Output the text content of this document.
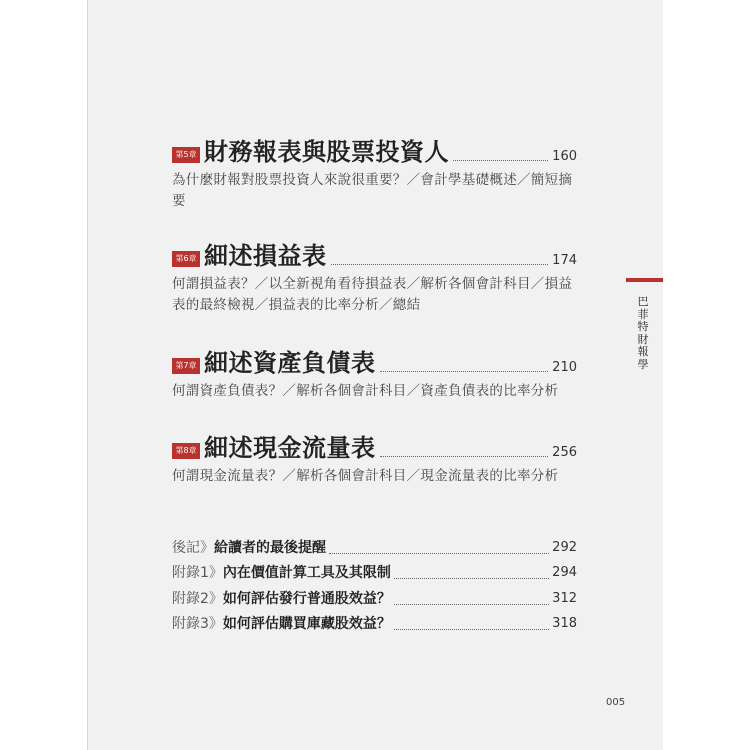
第5章 財務報表與股票投資人	160
為什麼財報對股票投資人來說很重要？／會計學基礎概述／簡短摘要
第6章 細述損益表	174
何謂損益表？／以全新視角看待損益表／解析各個會計科目／損益表的最終檢視／損益表的比率分析／總結
第7章 細述資產負債表	210
何謂資產負債表？／解析各個會計科目／資產負債表的比率分析
第8章 細述現金流量表	256
何謂現金流量表？／解析各個會計科目／現金流量表的比率分析
後記》 給讀者的最後提醒	292
附錄1》 內在價值計算工具及其限制	294
附錄2》 如何評估發行普通股效益？	312
附錄3》 如何評估購買庫藏股效益？	318
巴菲特財報學
005
